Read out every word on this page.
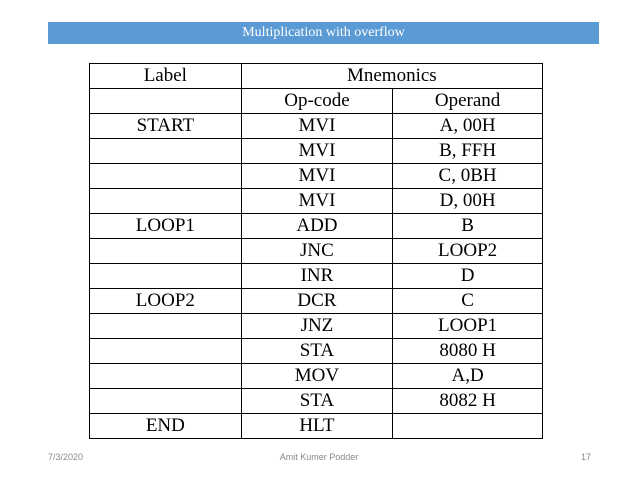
Multiplication with overflow
Label	Mnemonics	
	Op-code	Operand
START	MVI	A, 00H
	MVI	B, FFH
	MVI	C, 0BH
	MVI	D, 00H
LOOP1	ADD	B
	JNC	LOOP2
	INR	D
LOOP2	DCR	C
	JNZ	LOOP1
	STA	8080 H
	MOV	A,D
	STA	8082 H
END	HLT	
7/3/2020	Amit Kumer Podder	17
